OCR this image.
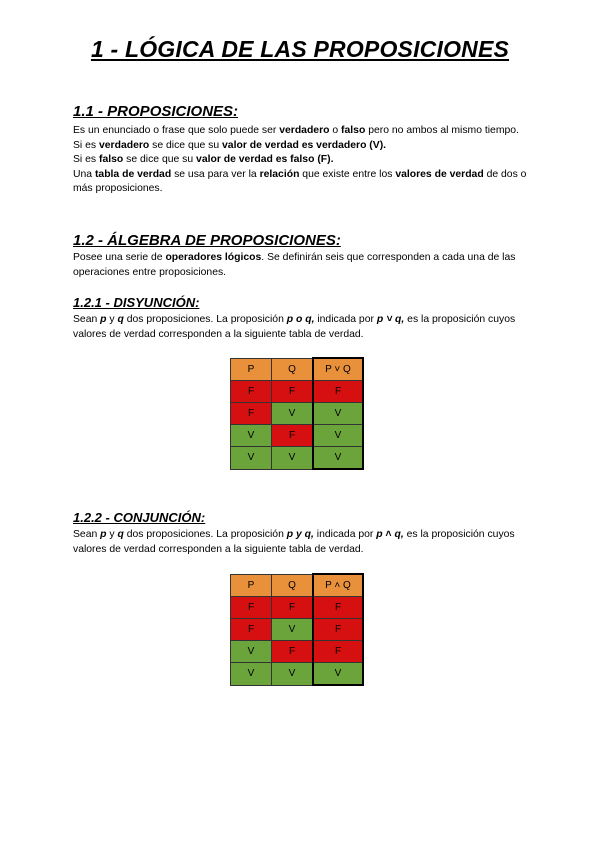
1 - LÓGICA DE LAS PROPOSICIONES
1.1 - PROPOSICIONES:

Es un enunciado o frase que solo puede ser verdadero o falso pero no ambos al mismo tiempo.

Si es verdadero se dice que su valor de verdad es verdadero (V).

Si es falso se dice que su valor de verdad es falso (F).

Una tabla de verdad se usa para ver la relación que existe entre los valores de verdad de dos o más proposiciones.

1.2 - ÁLGEBRA DE PROPOSICIONES:

Posee una serie de operadores lógicos. Se definirán seis que corresponden a cada una de las operaciones entre proposiciones.

1.2.1 - DISYUNCIÓN:

Sean p y q dos proposiciones. La proposición p o q, indicada por p ˅ q, es la proposición cuyos valores de verdad corresponden a la siguiente tabla de verdad.

P	Q	P ˅ Q
F	F	F
F	V	V
V	F	V
V	V	V
1.2.2 - CONJUNCIÓN:

Sean p y q dos proposiciones. La proposición p y q, indicada por p ˄ q, es la proposición cuyos valores de verdad corresponden a la siguiente tabla de verdad.

P	Q	P ˄ Q
F	F	F
F	V	F
V	F	F
V	V	V
